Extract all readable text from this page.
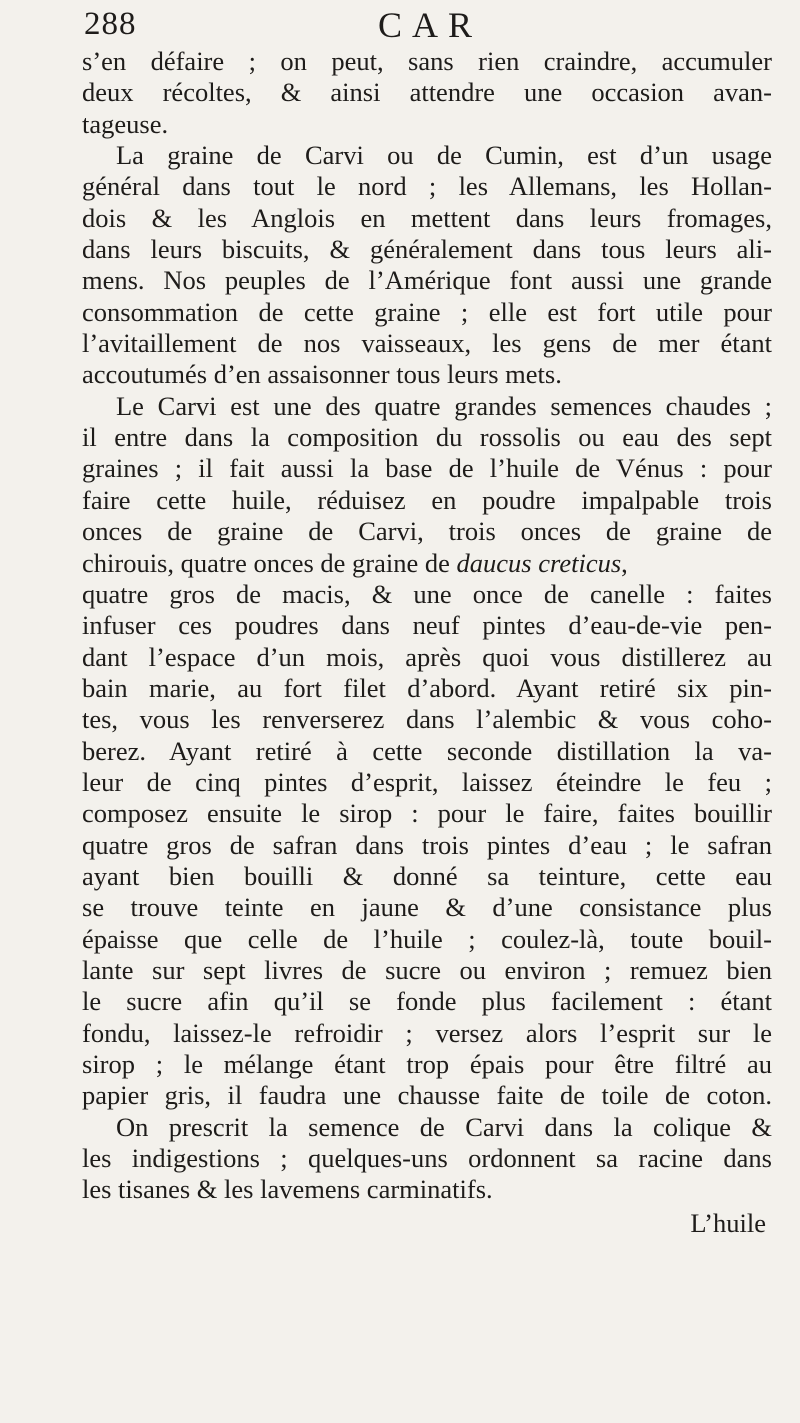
288	CAR
s’en défaire ; on peut, sans rien craindre, accumuler
deux récoltes, & ainsi attendre une occasion avan-
tageuse.
La graine de Carvi ou de Cumin, est d’un usage
général dans tout le nord ; les Allemans, les Hollan-
dois & les Anglois en mettent dans leurs fromages,
dans leurs biscuits, & généralement dans tous leurs ali-
mens. Nos peuples de l’Amérique font aussi une grande
consommation de cette graine ; elle est fort utile pour
l’avitaillement de nos vaisseaux, les gens de mer étant
accoutumés d’en assaisonner tous leurs mets.
Le Carvi est une des quatre grandes semences chaudes ;
il entre dans la composition du rossolis ou eau des sept
graines ; il fait aussi la base de l’huile de Vénus : pour
faire cette huile, réduisez en poudre impalpable trois
onces de graine de Carvi, trois onces de graine de
chirouis, quatre onces de graine de daucus creticus,
quatre gros de macis, & une once de canelle : faites
infuser ces poudres dans neuf pintes d’eau-de-vie pen-
dant l’espace d’un mois, après quoi vous distillerez au
bain marie, au fort filet d’abord. Ayant retiré six pin-
tes, vous les renverserez dans l’alembic & vous coho-
berez. Ayant retiré à cette seconde distillation la va-
leur de cinq pintes d’esprit, laissez éteindre le feu ;
composez ensuite le sirop : pour le faire, faites bouillir
quatre gros de safran dans trois pintes d’eau ; le safran
ayant bien bouilli & donné sa teinture, cette eau
se trouve teinte en jaune & d’une consistance plus
épaisse que celle de l’huile ; coulez-là, toute bouil-
lante sur sept livres de sucre ou environ ; remuez bien
le sucre afin qu’il se fonde plus facilement : étant
fondu, laissez-le refroidir ; versez alors l’esprit sur le
sirop ; le mélange étant trop épais pour être filtré au
papier gris, il faudra une chausse faite de toile de coton.
On prescrit la semence de Carvi dans la colique &
les indigestions ; quelques-uns ordonnent sa racine dans
les tisanes & les lavemens carminatifs.
L’huile
